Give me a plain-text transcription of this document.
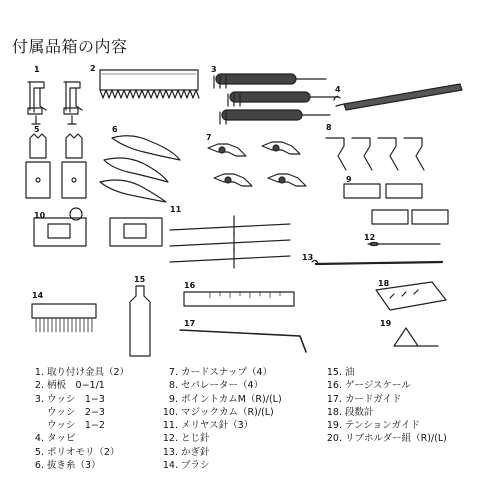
付属品箱の内容
1	2	3
4
5	6
7
8
9
10
11
12
13
14
15
16
17
18
19
1. 取り付け金具（2）
2. 柄板　0−1/1
3. ウッシ　1−3
ウッシ　2−3
ウッシ　1−2
4. タッピ
5. ポリオモリ（2）
6. 抜き糸（3）
7. カードスナップ（4）
8. セパレーター（4）
9. ポイントカムM（R)/(L)
10. マジックカム（R)/(L)
11. メリヤス針（3）
12. とじ針
13. かぎ針
14. ブラシ
15. 油
16. ゲージスケール
17. カードガイド
18. 段数計
19. テンションガイド
20. リブホルダー組（R)/(L)
